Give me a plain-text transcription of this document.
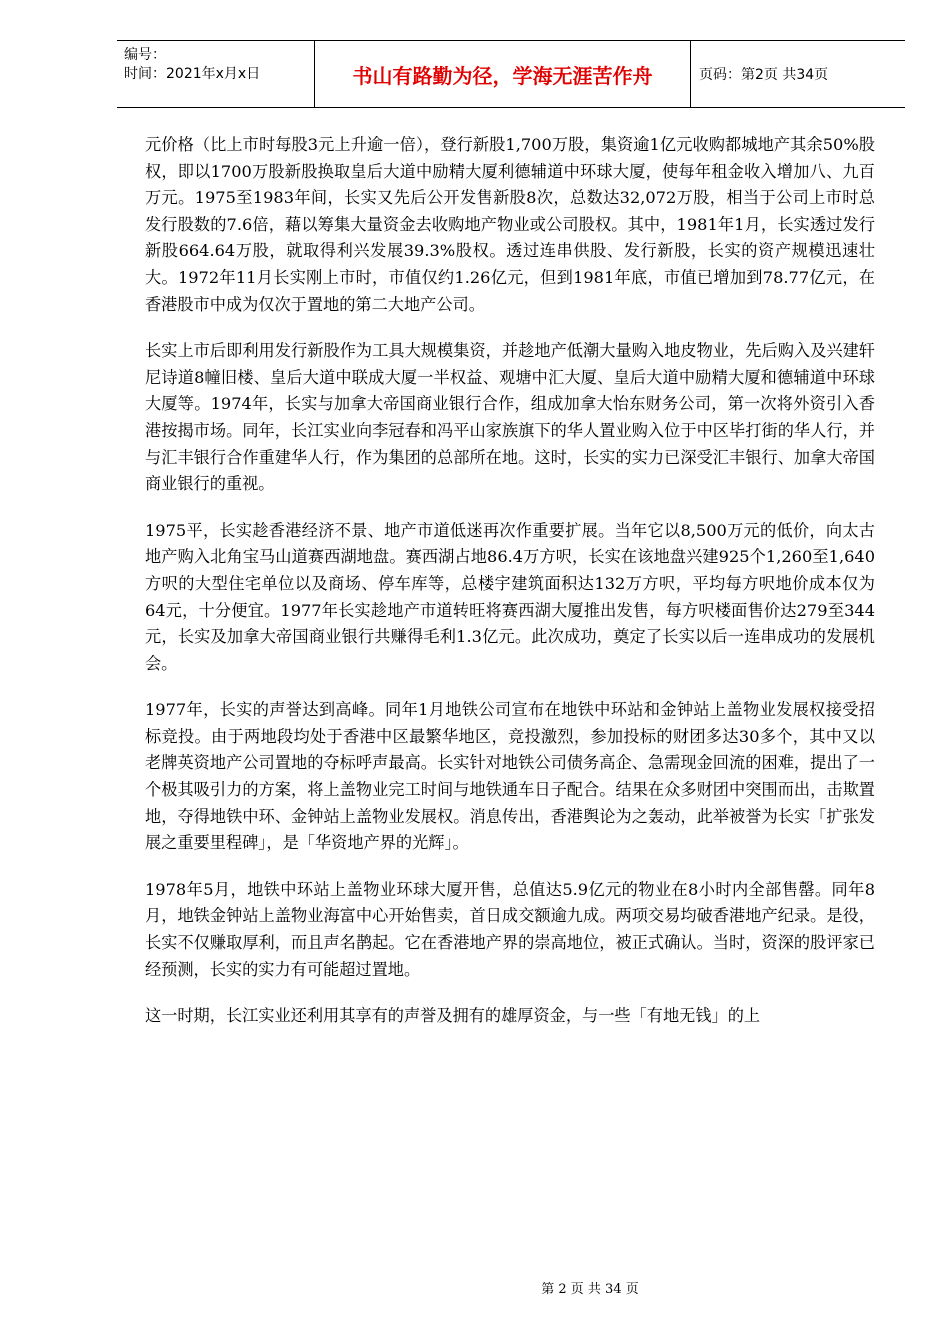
编号：
时间：2021年x月x日	书山有路勤为径，学海无涯苦作舟	页码：第2页 共34页

元价格（比上市时每股3元上升逾一倍），登行新股1,700万股，集资逾1亿元收购都城地产其余50%股权，即以1700万股新股换取皇后大道中励精大厦利德辅道中环球大厦，使每年租金收入增加八、九百万元。1975至1983年间，长实又先后公开发售新股8次，总数达32,072万股，相当于公司上市时总发行股数的7.6倍，藉以筹集大量资金去收购地产物业或公司股权。其中，1981年1月，长实透过发行新股664.64万股，就取得利兴发展39.3%股权。透过连串供股、发行新股，长实的资产规模迅速壮大。1972年11月长实刚上市时，市值仅约1.26亿元，但到1981年底，市值已增加到78.77亿元，在香港股市中成为仅次于置地的第二大地产公司。

长实上市后即利用发行新股作为工具大规模集资，并趁地产低潮大量购入地皮物业，先后购入及兴建轩尼诗道8幢旧楼、皇后大道中联成大厦一半权益、观塘中汇大厦、皇后大道中励精大厦和德辅道中环球大厦等。1974年，长实与加拿大帝国商业银行合作，组成加拿大怡东财务公司，第一次将外资引入香港按揭市场。同年，长江实业向李冠春和冯平山家族旗下的华人置业购入位于中区毕打街的华人行，并与汇丰银行合作重建华人行，作为集团的总部所在地。这时，长实的实力已深受汇丰银行、加拿大帝国商业银行的重视。

1975平，长实趁香港经济不景、地产市道低迷再次作重要扩展。当年它以8,500万元的低价，向太古地产购入北角宝马山道赛西湖地盘。赛西湖占地86.4万方呎，长实在该地盘兴建925个1,260至1,640方呎的大型住宅单位以及商场、停车库等，总楼宇建筑面积达132万方呎，平均每方呎地价成本仅为64元，十分便宜。1977年长实趁地产市道转旺将赛西湖大厦推出发售，每方呎楼面售价达279至344元，长实及加拿大帝国商业银行共赚得毛利1.3亿元。此次成功，奠定了长实以后一连串成功的发展机会。

1977年，长实的声誉达到高峰。同年1月地铁公司宣布在地铁中环站和金钟站上盖物业发展权接受招标竞投。由于两地段均处于香港中区最繁华地区，竞投激烈，参加投标的财团多达30多个，其中又以老牌英资地产公司置地的夺标呼声最高。长实针对地铁公司债务高企、急需现金回流的困难，提出了一个极其吸引力的方案，将上盖物业完工时间与地铁通车日子配合。结果在众多财团中突围而出，击欺置地，夺得地铁中环、金钟站上盖物业发展权。消息传出，香港舆论为之轰动，此举被誉为长实「扩张发展之重要里程碑」，是「华资地产界的光辉」。

1978年5月，地铁中环站上盖物业环球大厦开售，总值达5.9亿元的物业在8小时内全部售罄。同年8月，地铁金钟站上盖物业海富中心开始售卖，首日成交额逾九成。两项交易均破香港地产纪录。是役，长实不仅赚取厚利，而且声名鹊起。它在香港地产界的崇高地位，被正式确认。当时，资深的股评家已经预测，长实的实力有可能超过置地。

这一时期，长江实业还利用其享有的声誉及拥有的雄厚资金，与一些「有地无钱」的上

第 2 页 共 34 页
